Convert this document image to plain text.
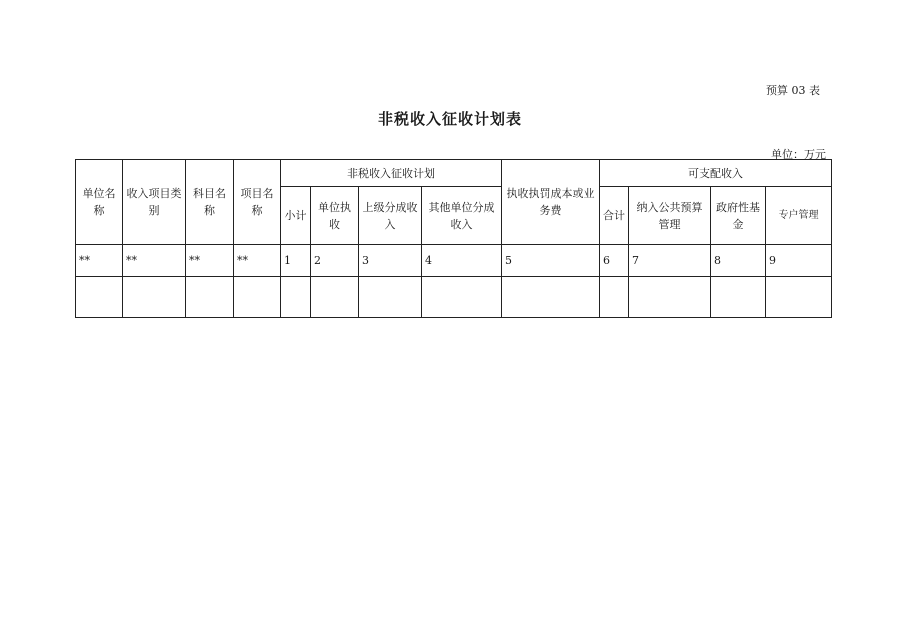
预算 03 表
非税收入征收计划表
单位：万元
单位名称	收入项目类别	科目名称	项目名称	非税收入征收计划				执收执罚成本或业务费	可支配收入			
				小计	单位执收	上级分成收入	其他单位分成收入		合计	纳入公共预算管理	政府性基金	专户管理
**	**	**	**	1	2	3	4	5	6	7	8	9
